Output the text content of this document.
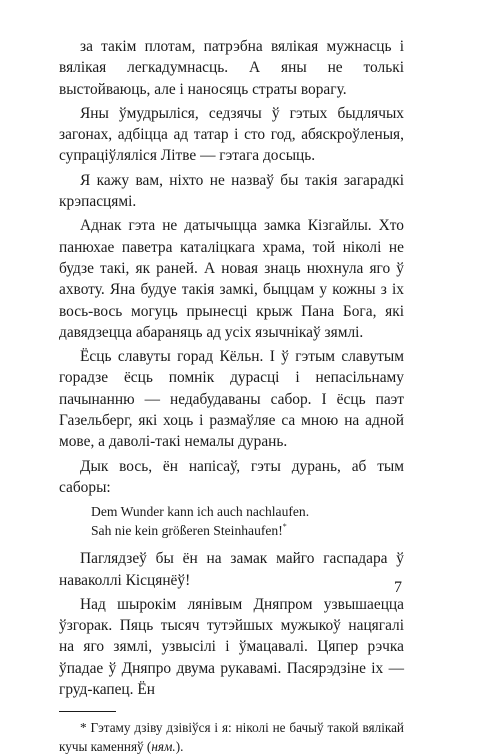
за такім плотам, патрэбна вялікая мужнасць і вялікая легкадумнасць. А яны не толькі выстойваюць, але і наносяць страты ворагу.

Яны ўмудрыліся, седзячы ў гэтых быдлячых загонах, адбіцца ад татар і сто год, абяскроўленыя, супраціўляліся Літве — гэтага досыць.

Я кажу вам, ніхто не назваў бы такія загарадкі крэпасцямі.

Аднак гэта не датычыцца замка Кізгайлы. Хто панюхае паветра каталіцкага храма, той ніколі не будзе такі, як раней. А новая знаць нюхнула яго ў ахвоту. Яна будуе такія замкі, быццам у кожны з іх вось-вось могуць прынесці крыж Пана Бога, які давядзецца абараняць ад усіх язычнікаў зямлі.

Ёсць славуты горад Кёльн. І ў гэтым славутым горадзе ёсць помнік дурасці і непасільнаму пачынанню — недабудаваны сабор. І ёсць паэт Газельберг, які хоць і размаўляе са мною на адной мове, а даволі-такі немалы дурань.

Дык вось, ён напісаў, гэты дурань, аб тым саборы:

Dem Wunder kann ich auch nachlaufen.
Sah nie kein größeren Steinhaufen!*

Паглядзеў бы ён на замак майго гаспадара ў наваколлі Кісцянёў!

Над шырокім лянівым Дняпром узвышаецца ўзгорак. Пяць тысяч тутэйшых мужыкоў нацягалі на яго зямлі, узвысілі і ўмацавалі. Цяпер рэчка ўпадае ў Дняпро двума рукавамі. Пасярэдзіне іх — груд-капец. Ён

* Гэтаму дзіву дзівіўся і я: ніколі не бачыў такой вялікай кучы каменняў (ням.).

7
